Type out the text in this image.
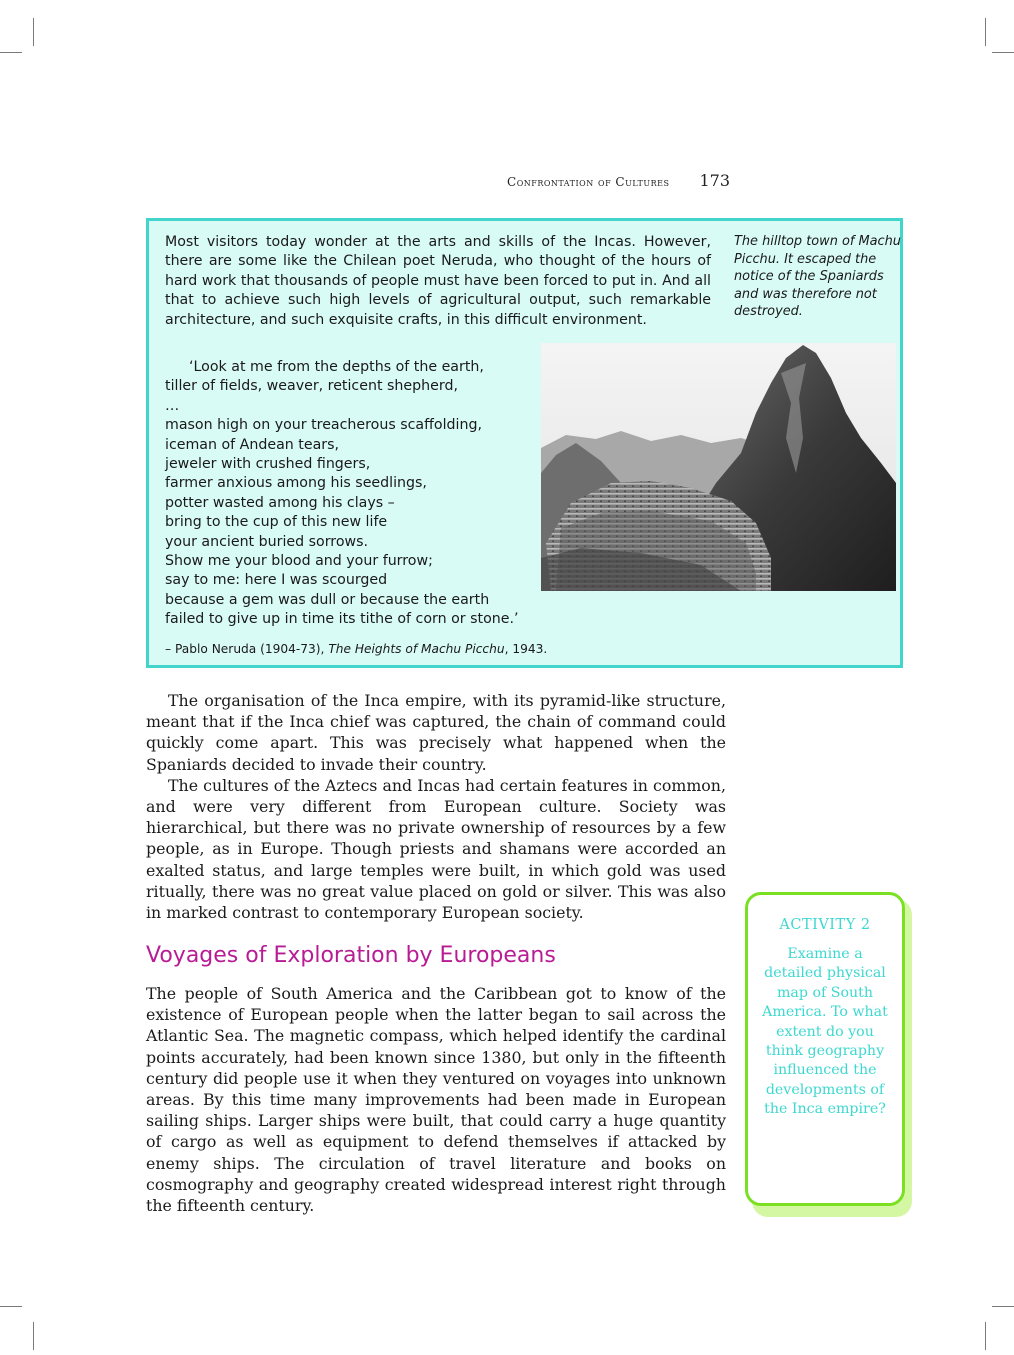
Confrontation of Cultures 173

Most visitors today wonder at the arts and skills of the Incas. However, there are some like the Chilean poet Neruda, who thought of the hours of hard work that thousands of people must have been forced to put in. And all that to achieve such high levels of agricultural output, such remarkable architecture, and such exquisite crafts, in this difficult environment.

The hilltop town of Machu Picchu. It escaped the notice of the Spaniards and was therefore not destroyed.

‘Look at me from the depths of the earth,
tiller of fields, weaver, reticent shepherd,
…
mason high on your treacherous scaffolding,
iceman of Andean tears,
jeweler with crushed fingers,
farmer anxious among his seedlings,
potter wasted among his clays –
bring to the cup of this new life
your ancient buried sorrows.
Show me your blood and your furrow;
say to me: here I was scourged
because a gem was dull or because the earth
failed to give up in time its tithe of corn or stone.’
– Pablo Neruda (1904-73), The Heights of Machu Picchu, 1943.

The organisation of the Inca empire, with its pyramid-like structure, meant that if the Inca chief was captured, the chain of command could quickly come apart. This was precisely what happened when the Spaniards decided to invade their country.

The cultures of the Aztecs and Incas had certain features in common, and were very different from European culture. Society was hierarchical, but there was no private ownership of resources by a few people, as in Europe. Though priests and shamans were accorded an exalted status, and large temples were built, in which gold was used ritually, there was no great value placed on gold or silver. This was also in marked contrast to contemporary European society.

Voyages of Exploration by Europeans

The people of South America and the Caribbean got to know of the existence of European people when the latter began to sail across the Atlantic Sea. The magnetic compass, which helped identify the cardinal points accurately, had been known since 1380, but only in the fifteenth century did people use it when they ventured on voyages into unknown areas. By this time many improvements had been made in European sailing ships. Larger ships were built, that could carry a huge quantity of cargo as well as equipment to defend themselves if attacked by enemy ships. The circulation of travel literature and books on cosmography and geography created widespread interest right through the fifteenth century.

ACTIVITY 2
Examine a detailed physical map of South America. To what extent do you think geography influenced the developments of the Inca empire?
